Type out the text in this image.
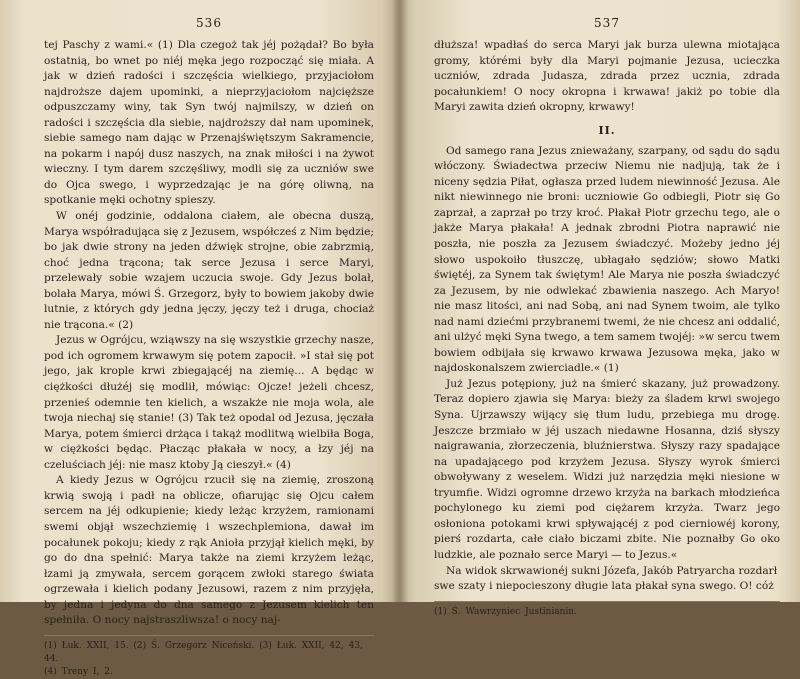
536

tej Paschy z wami.« (1) Dla czegoż tak jéj pożądał? Bo była ostatnią, bo wnet po niéj męka jego rozpocząć się miała. A jak w dzień radości i szczęścia wielkiego, przyjaciołom najdroższe dajem upominki, a nieprzyjaciołom najcięższe odpuszczamy winy, tak Syn twój najmilszy, w dzień on radości i szczęścia dla siebie, najdroższy dał nam upominek, siebie samego nam dając w Przenajświętszym Sakramencie, na pokarm i napój dusz naszych, na znak miłości i na żywot wieczny. I tym darem szczęśliwy, modli się za uczniów swe do Ojca swego, i wyprzedzając je na górę oliwną, na spotkanie męki ochotny spieszy.

W onéj godzinie, oddalona ciałem, ale obecna duszą, Marya współradująca się z Jezusem, współcześ z Nim będzie; bo jak dwie strony na jeden dźwięk strojne, obie zabrzmią, choć jedna trącona; tak serce Jezusa i serce Maryi, przelewały sobie wzajem uczucia swoje. Gdy Jezus bolał, bolała Marya, mówi Ś. Grzegorz, były to bowiem jakoby dwie lutnie, z których gdy jedna jęczy, jęczy też i druga, chociaż nie trącona.« (2)

Jezus w Ogrójcu, wziąwszy na się wszystkie grzechy nasze, pod ich ogromem krwawym się potem zapocił. »I stał się pot jego, jak krople krwi zbiegającéj na ziemię... A będąc w ciężkości dłużéj się modlił, mówiąc: Ojcze! jeżeli chcesz, przenieś odemnie ten kielich, a wszakże nie moja wola, ale twoja niechaj się stanie! (3) Tak też opodal od Jezusa, jęczała Marya, potem śmierci drżąca i takąż modlitwą wielbiła Boga, w ciężkości będąc. Płacząc płakała w nocy, a łzy jéj na czeluściach jéj: nie masz ktoby Ją cieszył.« (4)

A kiedy Jezus w Ogrójcu rzucił się na ziemię, zroszoną krwią swoją i padł na oblicze, ofiarując się Ojcu całem sercem na jéj odkupienie; kiedy leżąc krzyżem, ramionami swemi objął wszechziemię i wszechplemiona, dawał im pocałunek pokoju; kiedy z rąk Anioła przyjął kielich męki, by go do dna spełnić: Marya także na ziemi krzyżem leżąc, łzami ją zmywała, sercem gorącem zwłoki starego świata ogrzewała i kielich podany Jezusowi, razem z nim przyjęła, by jedna i jedyna do dna samego z Jezusem kielich ten spełniła. O nocy najstraszliwsza! o nocy naj-

(1) Łuk. XXII, 15. (2) Ś. Grzegorz Niceński. (3) Łuk. XXII, 42, 43, 44.

(4) Treny I, 2.

537

dłuższa! wpadłaś do serca Maryi jak burza ulewna miotająca gromy, którémi były dla Maryi pojmanie Jezusa, ucieczka uczniów, zdrada Judasza, zdrada przez ucznia, zdrada pocałunkiem! O nocy okropna i krwawa! jakiż po tobie dla Maryi zawita dzień okropny, krwawy!

II.

Od samego rana Jezus znieważany, szarpany, od sądu do sądu włóczony. Świadectwa przeciw Niemu nie nadjują, tak że i niceny sędzia Piłat, ogłasza przed ludem niewinność Jezusa. Ale nikt niewinnego nie broni: uczniowie Go odbiegli, Piotr się Go zaprzał, a zaprzał po trzy kroć. Płakał Piotr grzechu tego, ale o jakże Marya płakała! A jednak zbrodni Piotra naprawić nie poszła, nie poszła za Jezusem świadczyć. Możeby jedno jéj słowo uspokoiło tłuszczę, ubłagało sędziów; słowo Matki świętéj, za Synem tak świętym! Ale Marya nie poszła świadczyć za Jezusem, by nie odwlekać zbawienia naszego. Ach Maryo! nie masz litości, ani nad Sobą, ani nad Synem twoim, ale tylko nad nami dziećmi przybranemi twemi, że nie chcesz ani oddalić, ani ulżyć męki Syna twego, a tem samem twojéj: »w sercu twem bowiem odbijała się krwawo krwawa Jezusowa męka, jako w najdoskonalszem zwierciadle.« (1)

Już Jezus potępiony, już na śmierć skazany, już prowadzony. Teraz dopiero zjawia się Marya: bieży za śladem krwi swojego Syna. Ujrzawszy wijący się tłum ludu, przebiega mu drogę. Jeszcze brzmiało w jéj uszach niedawne Hosanna, dziś słyszy naigrawania, złorzeczenia, bluźnierstwa. Słyszy razy spadające na upadającego pod krzyżem Jezusa. Słyszy wyrok śmierci obwoływany z weselem. Widzi już narzędzia męki niesione w tryumfie. Widzi ogromne drzewo krzyża na barkach młodzieńca pochylonego ku ziemi pod ciężarem krzyża. Twarz jego osłoniona potokami krwi spływającéj z pod cierniowéj korony, pierś rozdarta, całe ciało biczami zbite. Nie poznałby Go oko ludzkie, ale poznało serce Maryi — to Jezus.«

Na widok skrwawionéj sukni Józefa, Jakób Patryarcha rozdarł swe szaty i niepocieszony długie lata płakał syna swego. O! cóż

(1) Ś. Wawrzyniec Justinianin.
